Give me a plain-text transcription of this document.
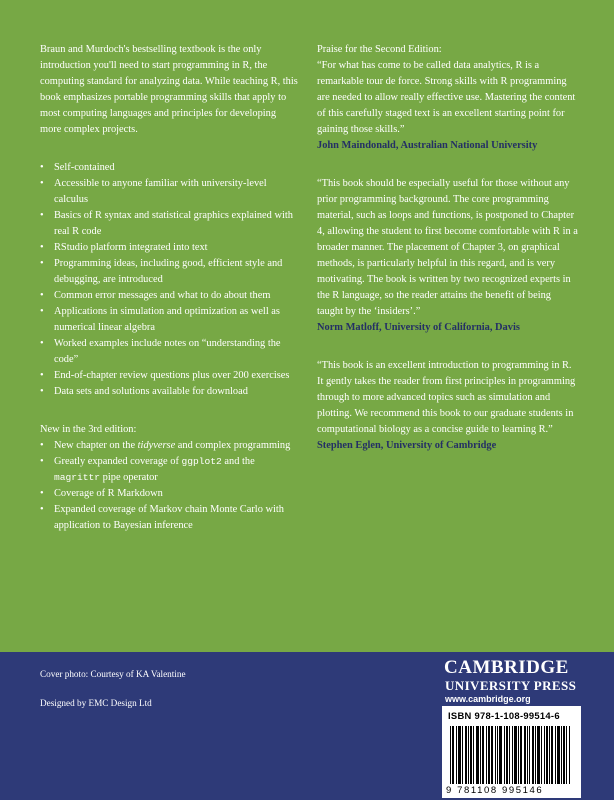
Braun and Murdoch's bestselling textbook is the only introduction you'll need to start programming in R, the computing standard for analyzing data. While teaching R, this book emphasizes portable programming skills that apply to most computing languages and principles for developing more complex projects.

• Self-contained
• Accessible to anyone familiar with university-level calculus
• Basics of R syntax and statistical graphics explained with real R code
• RStudio platform integrated into text
• Programming ideas, including good, efficient style and debugging, are introduced
• Common error messages and what to do about them
• Applications in simulation and optimization as well as numerical linear algebra
• Worked examples include notes on “understanding the code”
• End-of-chapter review questions plus over 200 exercises
• Data sets and solutions available for download

New in the 3rd edition:

• New chapter on the tidyverse and complex programming
• Greatly expanded coverage of ggplot2 and the magrittr pipe operator
• Coverage of R Markdown
• Expanded coverage of Markov chain Monte Carlo with application to Bayesian inference

Praise for the Second Edition:

“For what has come to be called data analytics, R is a remarkable tour de force. Strong skills with R programming are needed to allow really effective use. Mastering the content of this carefully staged text is an excellent starting point for gaining those skills.”

John Maindonald, Australian National University

“This book should be especially useful for those without any prior programming background. The core programming material, such as loops and functions, is postponed to Chapter 4, allowing the student to first become comfortable with R in a broader manner. The placement of Chapter 3, on graphical methods, is particularly helpful in this regard, and is very motivating. The book is written by two recognized experts in the R language, so the reader attains the benefit of being taught by the ‘insiders’.”

Norm Matloff, University of California, Davis

“This book is an excellent introduction to programming in R. It gently takes the reader from first principles in programming through to more advanced topics such as simulation and plotting. We recommend this book to our graduate students in computational biology as a concise guide to learning R.”

Stephen Eglen, University of Cambridge

Cover photo: Courtesy of KA Valentine
Designed by EMC Design Ltd
CAMBRIDGE
UNIVERSITY PRESS
www.cambridge.org
ISBN 978-1-108-99514-6
9 781108 995146
